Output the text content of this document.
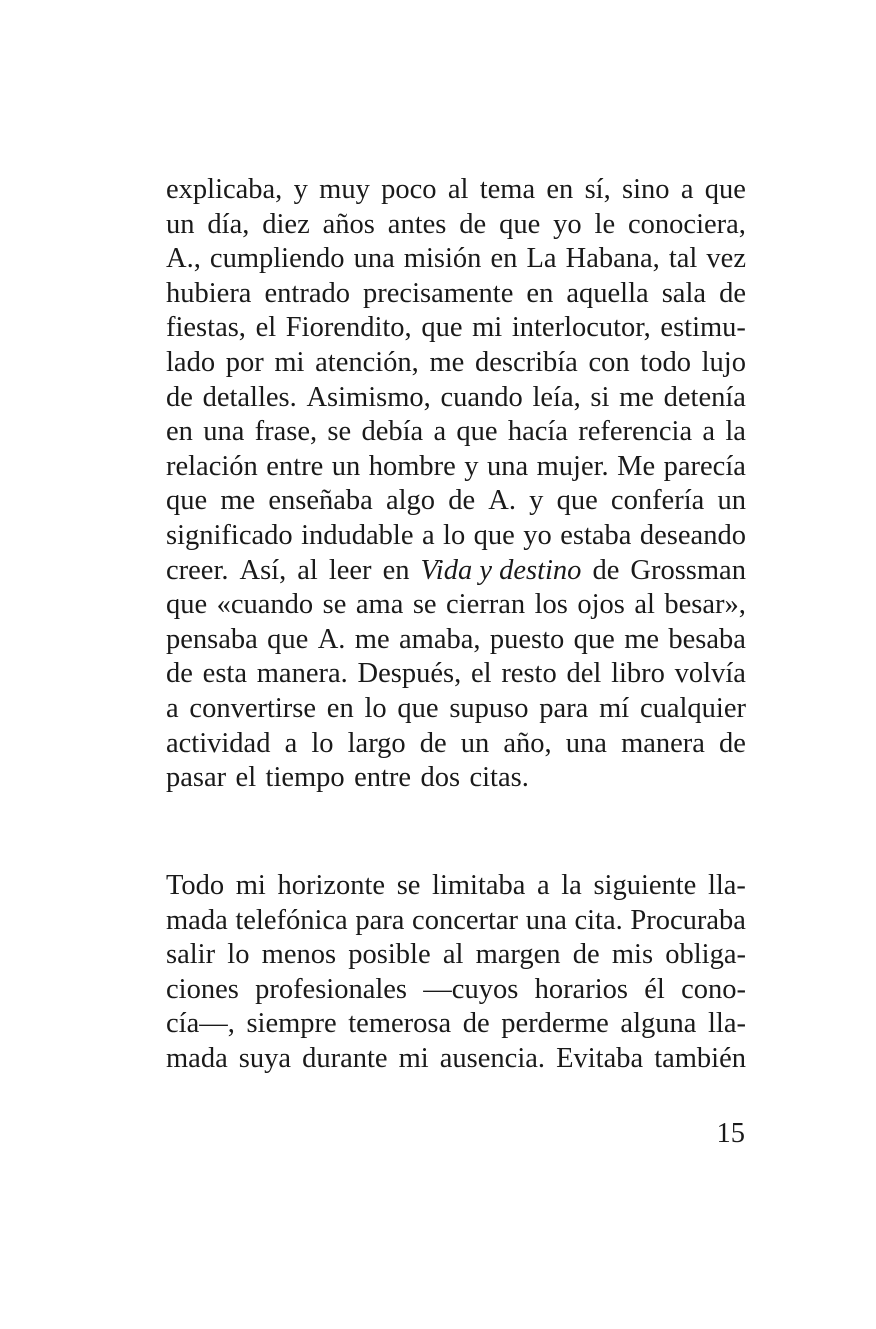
explicaba, y muy poco al tema en sí, sino a que
un día, diez años antes de que yo le conociera,
A., cumpliendo una misión en La Habana, tal vez
hubiera entrado precisamente en aquella sala de
fiestas, el Fiorendito, que mi interlocutor, estimu-
lado por mi atención, me describía con todo lujo
de detalles. Asimismo, cuando leía, si me detenía
en una frase, se debía a que hacía referencia a la
relación entre un hombre y una mujer. Me parecía
que me enseñaba algo de A. y que confería un
significado indudable a lo que yo estaba deseando
creer. Así, al leer en Vida y destino de Grossman
que «cuando se ama se cierran los ojos al besar»,
pensaba que A. me amaba, puesto que me besaba
de esta manera. Después, el resto del libro volvía
a convertirse en lo que supuso para mí cualquier
actividad a lo largo de un año, una manera de
pasar el tiempo entre dos citas.
Todo mi horizonte se limitaba a la siguiente lla-
mada telefónica para concertar una cita. Procuraba
salir lo menos posible al margen de mis obliga-
ciones profesionales —cuyos horarios él cono-
cía—, siempre temerosa de perderme alguna lla-
mada suya durante mi ausencia. Evitaba también
15
